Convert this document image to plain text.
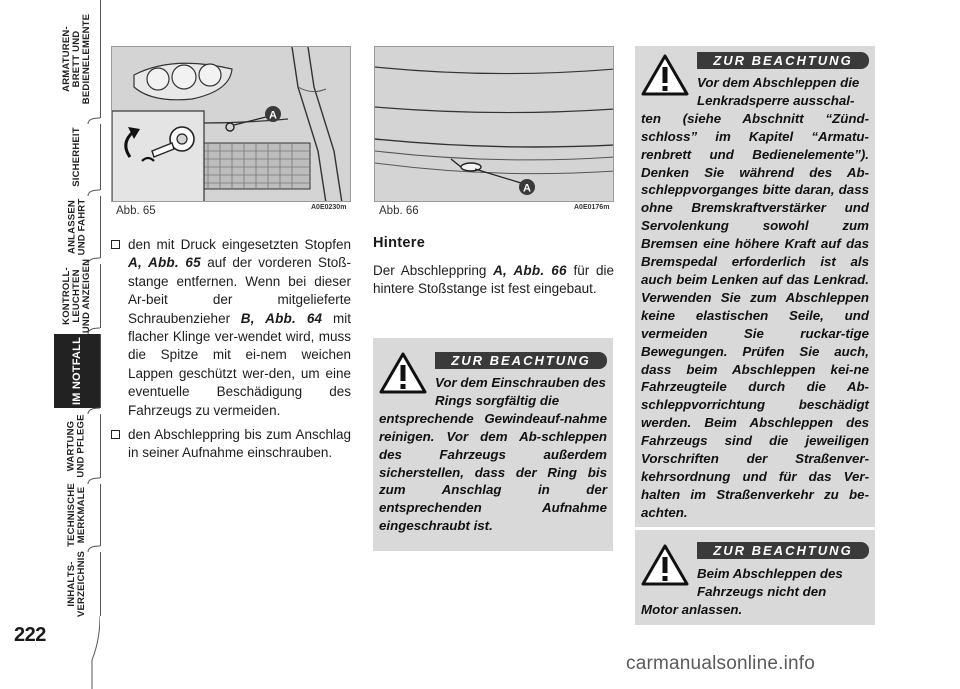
ARMATUREN-
BRETT UND
BEDIENELEMENTE
SICHERHEIT
ANLASSEN
UND FAHRT
KONTROLL-
LEUCHTEN
UND ANZEIGEN
IM NOTFALL
WARTUNG
UND PFLEGE
TECHNISCHE
MERKMALE
INHALTS-
VERZEICHNIS
222
A
Abb. 65	A0E0230m
A
Abb. 66	A0E0176m
den mit Druck eingesetzten Stopfen A, Abb. 65 auf der vorderen Stoß-stange entfernen. Wenn bei dieser Ar-beit der mitgelieferte Schraubenzieher B, Abb. 64 mit flacher Klinge ver-wendet wird, muss die Spitze mit ei-nem weichen Lappen geschützt wer-den, um eine eventuelle Beschädigung des Fahrzeugs zu vermeiden.
den Abschleppring bis zum Anschlag in seiner Aufnahme einschrauben.
Hintere
Der Abschleppring A, Abb. 66 für die hintere Stoßstange ist fest eingebaut.
ZUR BEACHTUNG
Vor dem Einschrauben des Rings sorgfältig die
entsprechende Gewindeauf-nahme reinigen. Vor dem Ab-schleppen des Fahrzeugs außerdem sicherstellen, dass der Ring bis zum Anschlag in der entsprechenden Aufnahme eingeschraubt ist.
ZUR BEACHTUNG
Vor dem Abschleppen die Lenkradsperre ausschal-
ten (siehe Abschnitt “Zünd-schloss” im Kapitel “Armatu-renbrett und Bedienelemente”). Denken Sie während des Ab-schleppvorganges bitte daran, dass ohne Bremskraftverstärker und Servolenkung sowohl zum Bremsen eine höhere Kraft auf das Bremspedal erforderlich ist als auch beim Lenken auf das Lenkrad. Verwenden Sie zum Abschleppen keine elastischen Seile, und vermeiden Sie ruckar-tige Bewegungen. Prüfen Sie auch, dass beim Abschleppen kei-ne Fahrzeugteile durch die Ab-schleppvorrichtung beschädigt werden. Beim Abschleppen des Fahrzeugs sind die jeweiligen Vorschriften der Straßenver-kehrsordnung und für das Ver-halten im Straßenverkehr zu be-achten.
ZUR BEACHTUNG
Beim Abschleppen des Fahrzeugs nicht den
Motor anlassen.
carmanualsonline.info
